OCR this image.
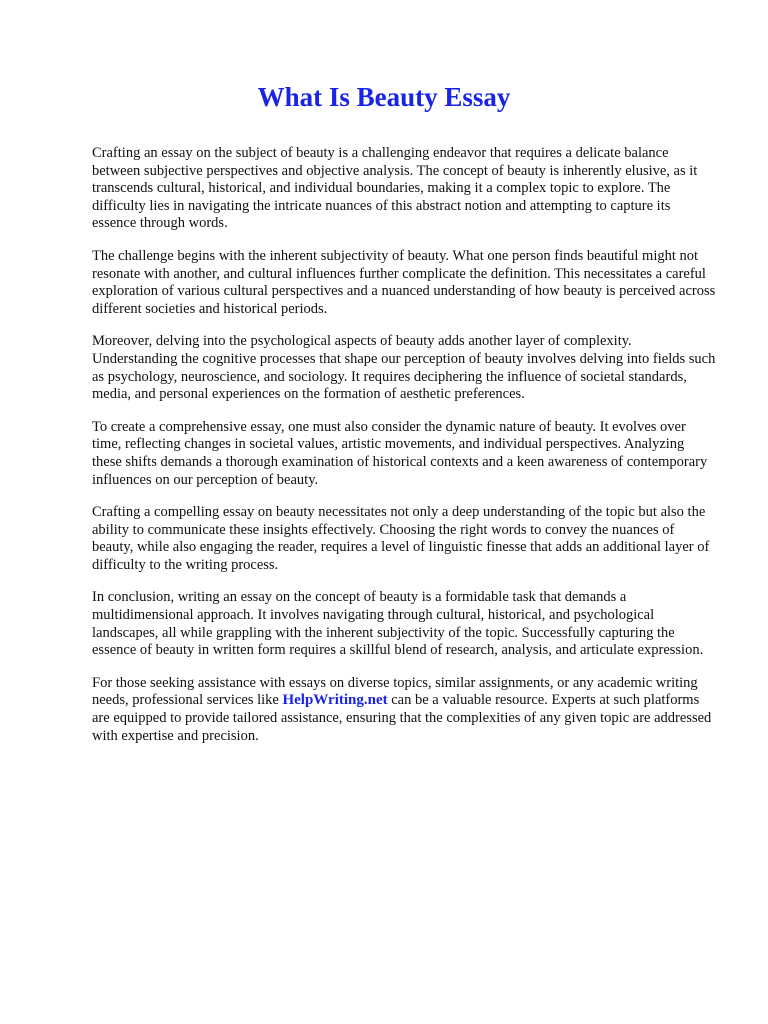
What Is Beauty Essay

Crafting an essay on the subject of beauty is a challenging endeavor that requires a delicate balance between subjective perspectives and objective analysis. The concept of beauty is inherently elusive, as it transcends cultural, historical, and individual boundaries, making it a complex topic to explore. The difficulty lies in navigating the intricate nuances of this abstract notion and attempting to capture its essence through words.

The challenge begins with the inherent subjectivity of beauty. What one person finds beautiful might not resonate with another, and cultural influences further complicate the definition. This necessitates a careful exploration of various cultural perspectives and a nuanced understanding of how beauty is perceived across different societies and historical periods.

Moreover, delving into the psychological aspects of beauty adds another layer of complexity. Understanding the cognitive processes that shape our perception of beauty involves delving into fields such as psychology, neuroscience, and sociology. It requires deciphering the influence of societal standards, media, and personal experiences on the formation of aesthetic preferences.

To create a comprehensive essay, one must also consider the dynamic nature of beauty. It evolves over time, reflecting changes in societal values, artistic movements, and individual perspectives. Analyzing these shifts demands a thorough examination of historical contexts and a keen awareness of contemporary influences on our perception of beauty.

Crafting a compelling essay on beauty necessitates not only a deep understanding of the topic but also the ability to communicate these insights effectively. Choosing the right words to convey the nuances of beauty, while also engaging the reader, requires a level of linguistic finesse that adds an additional layer of difficulty to the writing process.

In conclusion, writing an essay on the concept of beauty is a formidable task that demands a multidimensional approach. It involves navigating through cultural, historical, and psychological landscapes, all while grappling with the inherent subjectivity of the topic. Successfully capturing the essence of beauty in written form requires a skillful blend of research, analysis, and articulate expression.

For those seeking assistance with essays on diverse topics, similar assignments, or any academic writing needs, professional services like HelpWriting.net can be a valuable resource. Experts at such platforms are equipped to provide tailored assistance, ensuring that the complexities of any given topic are addressed with expertise and precision.
